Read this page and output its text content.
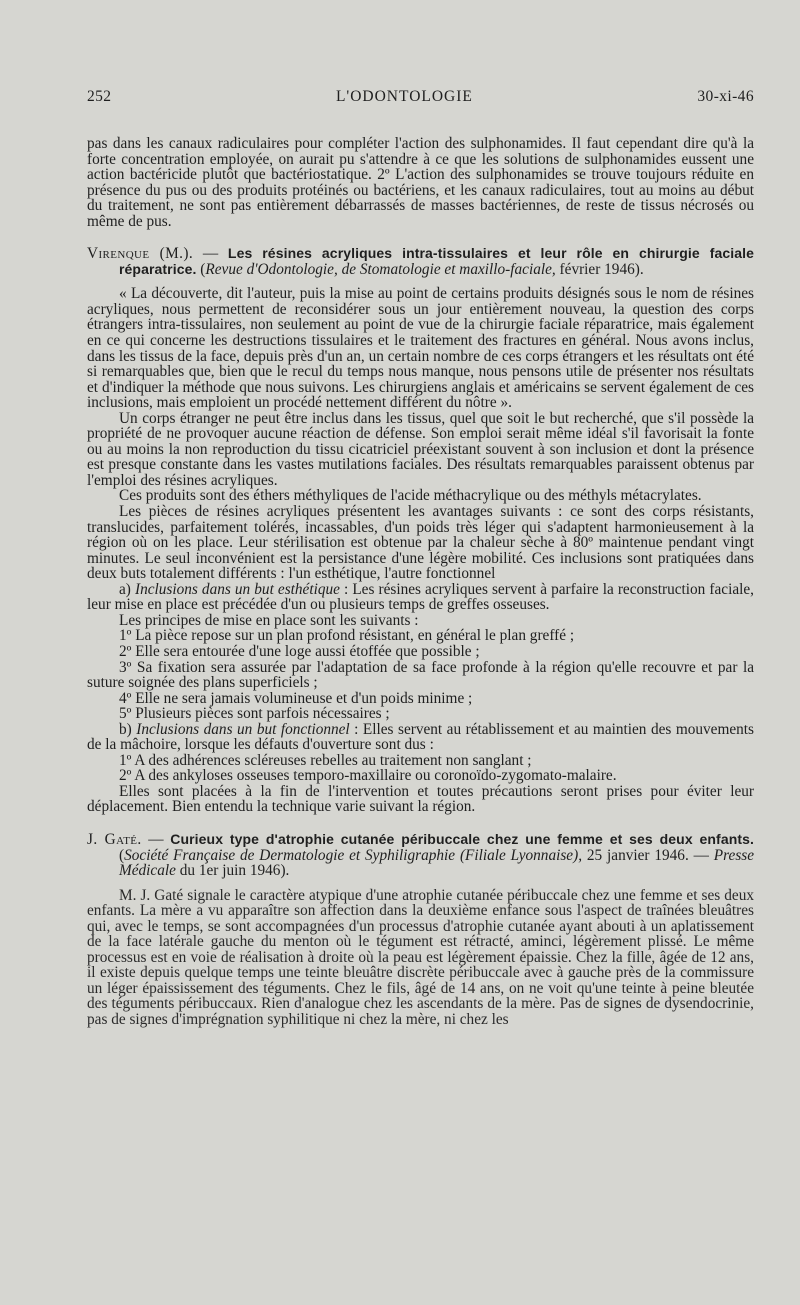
252	L'ODONTOLOGIE	30-xi-46

pas dans les canaux radiculaires pour compléter l'action des sulphonamides. Il faut cependant dire qu'à la forte concentration employée, on aurait pu s'attendre à ce que les solutions de sulphonamides eussent une action bactéricide plutôt que bactériostatique. 2º L'action des sulphonamides se trouve toujours réduite en présence du pus ou des produits protéinés ou bactériens, et les canaux radiculaires, tout au moins au début du traitement, ne sont pas entièrement débarrassés de masses bactériennes, de reste de tissus nécrosés ou même de pus.

Virenque (M.). — Les résines acryliques intra-tissulaires et leur rôle en chirurgie faciale réparatrice. (Revue d'Odontologie, de Stomatologie et maxillo-faciale, février 1946).

« La découverte, dit l'auteur, puis la mise au point de certains produits désignés sous le nom de résines acryliques, nous permettent de reconsidérer sous un jour entièrement nouveau, la question des corps étrangers intra-tissulaires, non seulement au point de vue de la chirurgie faciale réparatrice, mais également en ce qui concerne les destructions tissulaires et le traitement des fractures en général. Nous avons inclus, dans les tissus de la face, depuis près d'un an, un certain nombre de ces corps étrangers et les résultats ont été si remarquables que, bien que le recul du temps nous manque, nous pensons utile de présenter nos résultats et d'indiquer la méthode que nous suivons. Les chirurgiens anglais et américains se servent également de ces inclusions, mais emploient un procédé nettement différent du nôtre ».

Un corps étranger ne peut être inclus dans les tissus, quel que soit le but recherché, que s'il possède la propriété de ne provoquer aucune réaction de défense. Son emploi serait même idéal s'il favorisait la fonte ou au moins la non reproduction du tissu cicatriciel préexistant souvent à son inclusion et dont la présence est presque constante dans les vastes mutilations faciales. Des résultats remarquables paraissent obtenus par l'emploi des résines acryliques.

Ces produits sont des éthers méthyliques de l'acide méthacrylique ou des méthyls métacrylates.

Les pièces de résines acryliques présentent les avantages suivants : ce sont des corps résistants, translucides, parfaitement tolérés, incassables, d'un poids très léger qui s'adaptent harmonieusement à la région où on les place. Leur stérilisation est obtenue par la chaleur sèche à 80º maintenue pendant vingt minutes. Le seul inconvénient est la persistance d'une légère mobilité. Ces inclusions sont pratiquées dans deux buts totalement différents : l'un esthétique, l'autre fonctionnel

a) Inclusions dans un but esthétique : Les résines acryliques servent à parfaire la reconstruction faciale, leur mise en place est précédée d'un ou plusieurs temps de greffes osseuses.

Les principes de mise en place sont les suivants :

1º La pièce repose sur un plan profond résistant, en général le plan greffé ;

2º Elle sera entourée d'une loge aussi étoffée que possible ;

3º Sa fixation sera assurée par l'adaptation de sa face profonde à la région qu'elle recouvre et par la suture soignée des plans superficiels ;

4º Elle ne sera jamais volumineuse et d'un poids minime ;

5º Plusieurs pièces sont parfois nécessaires ;

b) Inclusions dans un but fonctionnel : Elles servent au rétablissement et au maintien des mouvements de la mâchoire, lorsque les défauts d'ouverture sont dus :

1º A des adhérences scléreuses rebelles au traitement non sanglant ;

2º A des ankyloses osseuses temporo-maxillaire ou coronoïdo-zygomato-malaire.

Elles sont placées à la fin de l'intervention et toutes précautions seront prises pour éviter leur déplacement. Bien entendu la technique varie suivant la région.

J. Gaté. — Curieux type d'atrophie cutanée péribuccale chez une femme et ses deux enfants. (Société Française de Dermatologie et Syphiligraphie (Filiale Lyonnaise), 25 janvier 1946. — Presse Médicale du 1er juin 1946).

M. J. Gaté signale le caractère atypique d'une atrophie cutanée péribuccale chez une femme et ses deux enfants. La mère a vu apparaître son affection dans la deuxième enfance sous l'aspect de traînées bleuâtres qui, avec le temps, se sont accompagnées d'un processus d'atrophie cutanée ayant abouti à un aplatissement de la face latérale gauche du menton où le tégument est rétracté, aminci, légèrement plissé. Le même processus est en voie de réalisation à droite où la peau est légèrement épaissie. Chez la fille, âgée de 12 ans, il existe depuis quelque temps une teinte bleuâtre discrète péribuccale avec à gauche près de la commissure un léger épaississement des téguments. Chez le fils, âgé de 14 ans, on ne voit qu'une teinte à peine bleutée des téguments péribuccaux. Rien d'analogue chez les ascendants de la mère. Pas de signes de dysendocrinie, pas de signes d'imprégnation syphilitique ni chez la mère, ni chez les
